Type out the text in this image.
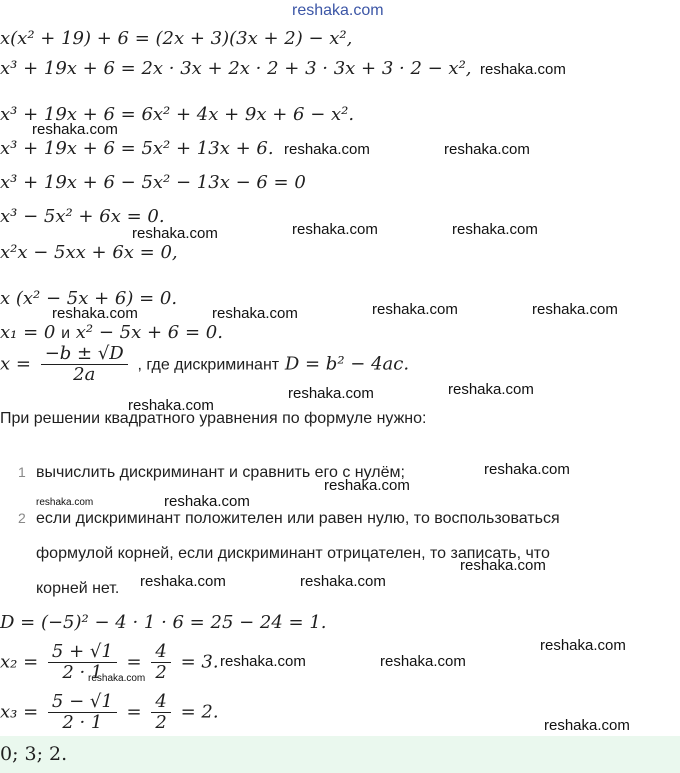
reshaka.com
reshaka.com
reshaka.com
reshaka.com	reshaka.com
reshaka.com	reshaka.com	reshaka.com
reshaka.com	reshaka.com	reshaka.com	reshaka.com
reshaka.com	reshaka.com
reshaka.com
reshaka.com
reshaka.com
reshaka.com	reshaka.com
reshaka.com
reshaka.com	reshaka.com
reshaka.com
reshaka.com	reshaka.com
reshaka.com
reshaka.com
x(x² + 19) + 6 = (2x + 3)(3x + 2) − x²,
x³ + 19x + 6 = 2x · 3x + 2x · 2 + 3 · 3x + 3 · 2 − x²,
x³ + 19x + 6 = 6x² + 4x + 9x + 6 − x².
x³ + 19x + 6 = 5x² + 13x + 6.
x³ + 19x + 6 − 5x² − 13x − 6 = 0
x³ − 5x² + 6x = 0.
x²x − 5xx + 6x = 0,
x (x² − 5x + 6) = 0.
x₁ = 0 и x² − 5x + 6 = 0.
$x = \frac{-b \pm √D}{2a}$ , где дискриминант D = b² − 4ac.
При решении квадратного уравнения по формуле нужно:
1 вычислить дискриминант и сравнить его с нулём;
2 если дискриминант положителен или равен нулю, то воспользоваться
формулой корней, если дискриминант отрицателен, то записать, что
корней нет.
D = (−5)² − 4 · 1 · 6 = 25 − 24 = 1.
$x_2 = \frac{5 + √1}{2 \cdot 1} = \frac{4}{2} = 3$.
$x_3 = \frac{5 - √1}{2 \cdot 1} = \frac{4}{2} = 2$.
0; 3; 2.
